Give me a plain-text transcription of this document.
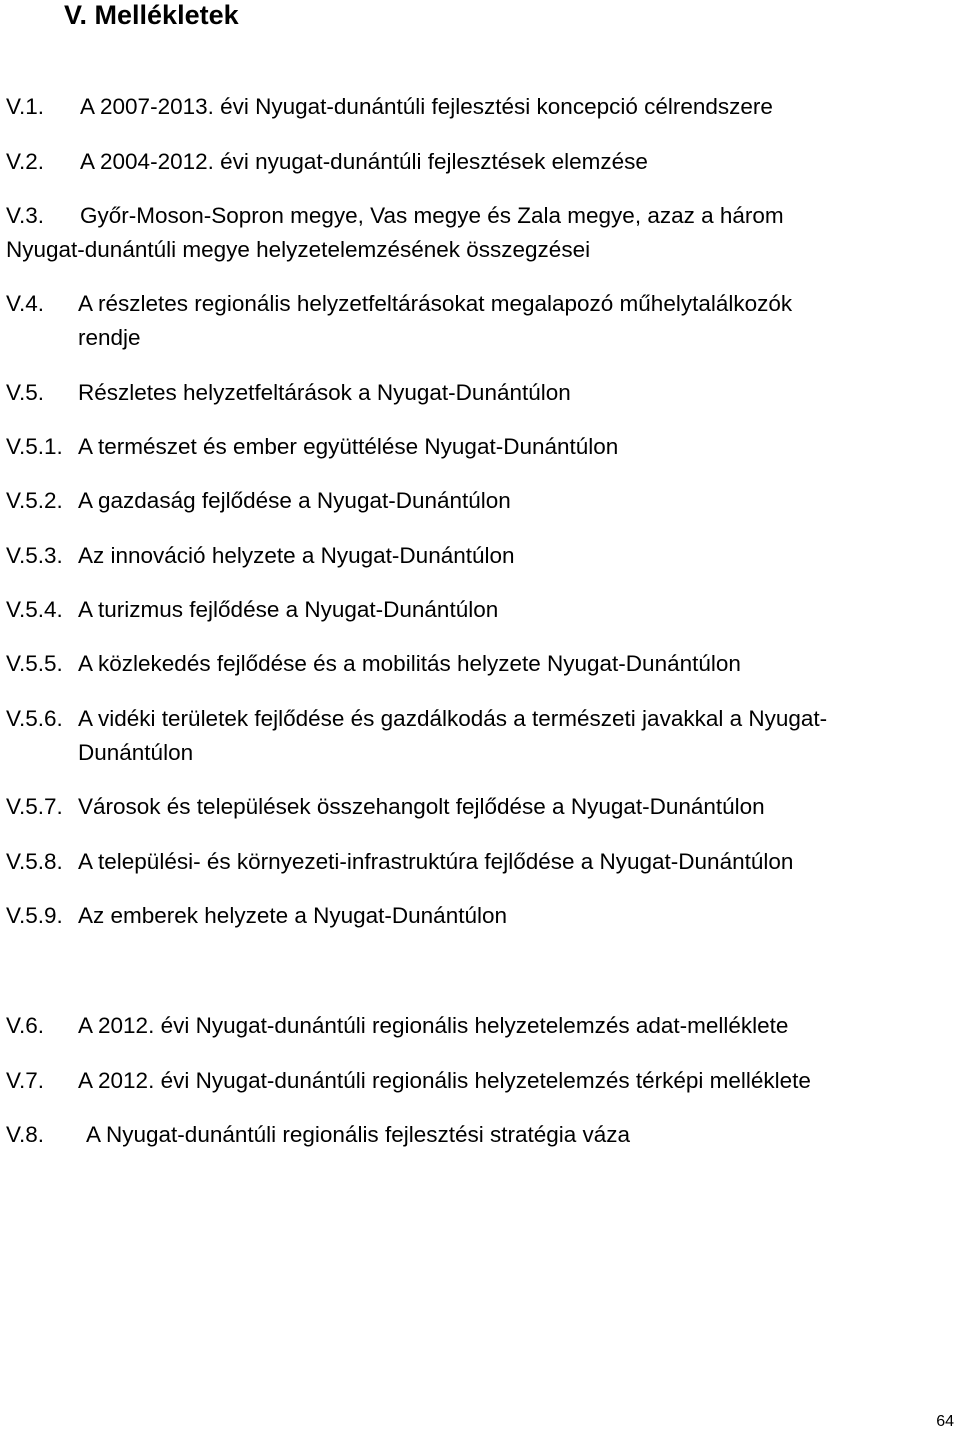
V. Mellékletek
V.1. A 2007-2013. évi Nyugat-dunántúli fejlesztési koncepció célrendszere
V.2. A 2004-2012. évi nyugat-dunántúli fejlesztések elemzése
V.3. Győr-Moson-Sopron megye, Vas megye és Zala megye, azaz a három
Nyugat-dunántúli megye helyzetelemzésének összegzései
V.4. A részletes regionális helyzetfeltárásokat megalapozó műhelytalálkozók
rendje
V.5. Részletes helyzetfeltárások a Nyugat-Dunántúlon
V.5.1. A természet és ember együttélése Nyugat-Dunántúlon
V.5.2. A gazdaság fejlődése a Nyugat-Dunántúlon
V.5.3. Az innováció helyzete a Nyugat-Dunántúlon
V.5.4. A turizmus fejlődése a Nyugat-Dunántúlon
V.5.5. A közlekedés fejlődése és a mobilitás helyzete Nyugat-Dunántúlon
V.5.6. A vidéki területek fejlődése és gazdálkodás a természeti javakkal a Nyugat-
Dunántúlon
V.5.7. Városok és települések összehangolt fejlődése a Nyugat-Dunántúlon
V.5.8. A települési- és környezeti-infrastruktúra fejlődése a Nyugat-Dunántúlon
V.5.9. Az emberek helyzete a Nyugat-Dunántúlon
V.6. A 2012. évi Nyugat-dunántúli regionális helyzetelemzés adat-melléklete
V.7. A 2012. évi Nyugat-dunántúli regionális helyzetelemzés térképi melléklete
V.8. A Nyugat-dunántúli regionális fejlesztési stratégia váza
64
